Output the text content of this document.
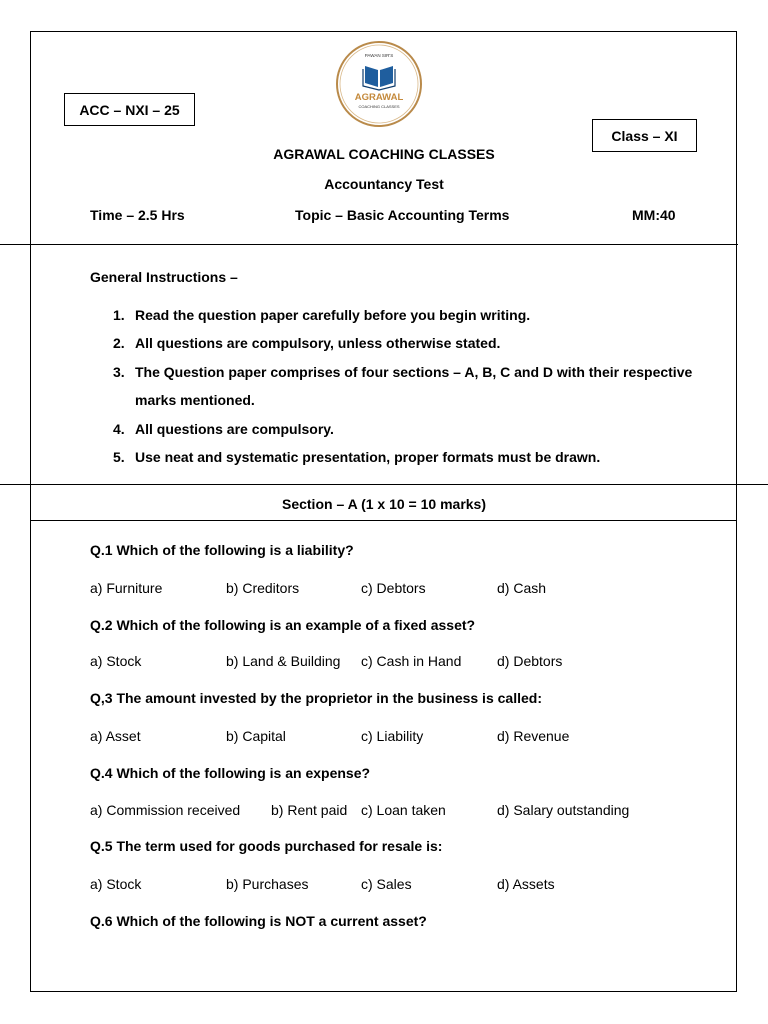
ACC – NXI – 25
PAWAN SIR'S
AGRAWAL
COACHING CLASSES
Class – XI
AGRAWAL COACHING CLASSES
Accountancy Test
Time – 2.5 Hrs	Topic – Basic Accounting Terms	MM:40
General Instructions –
1. Read the question paper carefully before you begin writing.
2. All questions are compulsory, unless otherwise stated.
3. The Question paper comprises of four sections – A, B, C and D with their respective
marks mentioned.
4. All questions are compulsory.
5. Use neat and systematic presentation, proper formats must be drawn.
Section – A (1 x 10 = 10 marks)
Q.1 Which of the following is a liability?
a) Furniture	b) Creditors	c) Debtors	d) Cash
Q.2 Which of the following is an example of a fixed asset?
a) Stock	b) Land & Building c) Cash in Hand	d) Debtors
Q,3 The amount invested by the proprietor in the business is called:
a) Asset	b) Capital	c) Liability	d) Revenue
Q.4 Which of the following is an expense?
a) Commission received b) Rent paid c) Loan taken	d) Salary outstanding
Q.5 The term used for goods purchased for resale is:
a) Stock	b) Purchases	c) Sales	d) Assets
Q.6 Which of the following is NOT a current asset?
